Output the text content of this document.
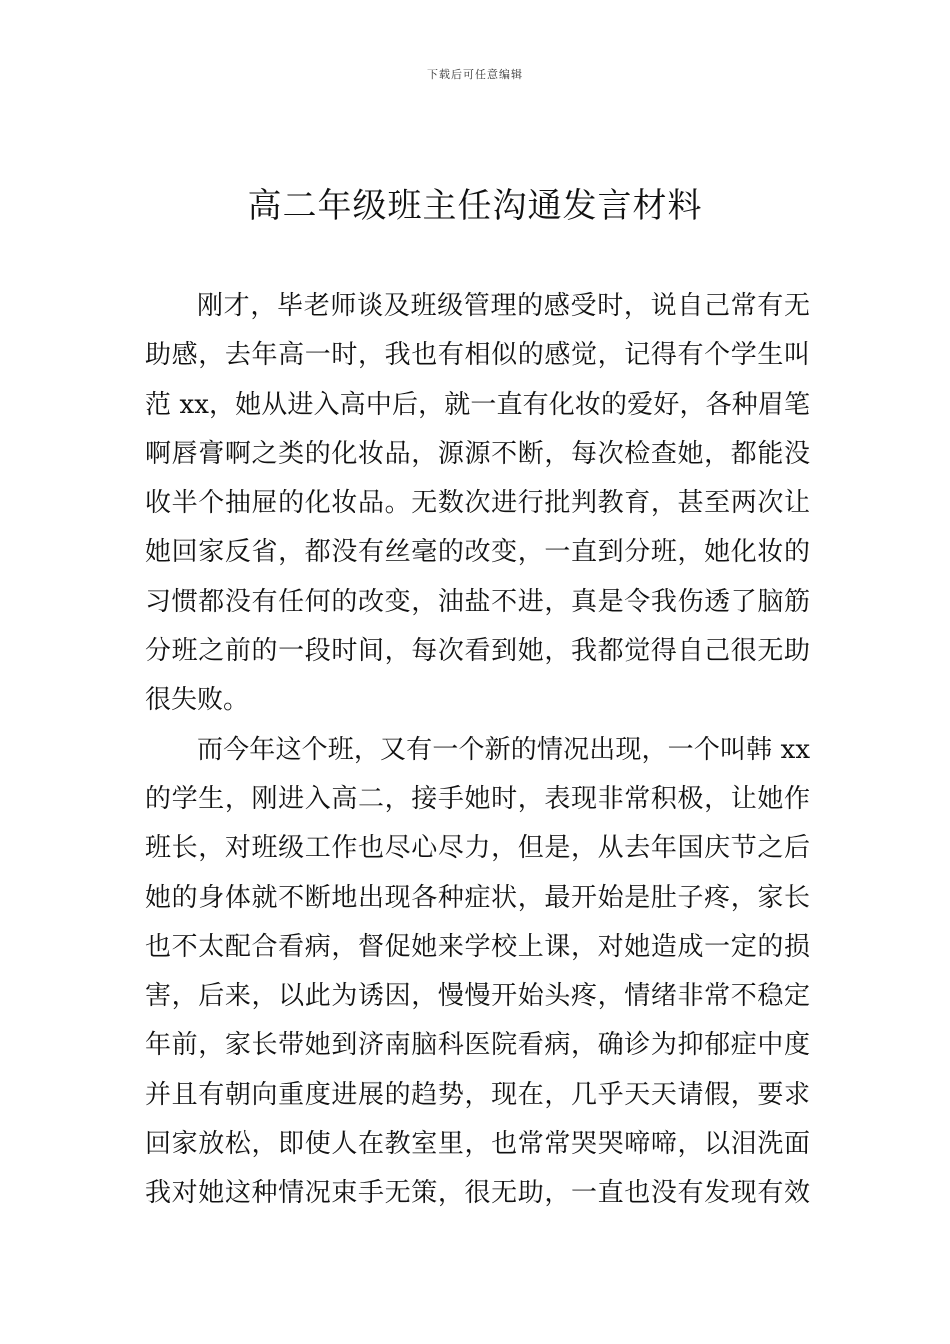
下载后可任意编辑
高二年级班主任沟通发言材料
刚才，毕老师谈及班级管理的感受时，说自己常有无
助感，去年高一时，我也有相似的感觉，记得有个学生叫
范 xx，她从进入高中后，就一直有化妆的爱好，各种眉笔
啊唇膏啊之类的化妆品，源源不断，每次检查她，都能没
收半个抽屉的化妆品。无数次进行批判教育，甚至两次让
她回家反省，都没有丝毫的改变，一直到分班，她化妆的
习惯都没有任何的改变，油盐不进，真是令我伤透了脑筋
分班之前的一段时间，每次看到她，我都觉得自己很无助
很失败。
而今年这个班，又有一个新的情况出现，一个叫韩 xx
的学生，刚进入高二，接手她时，表现非常积极，让她作
班长，对班级工作也尽心尽力，但是，从去年国庆节之后
她的身体就不断地出现各种症状，最开始是肚子疼，家长
也不太配合看病，督促她来学校上课，对她造成一定的损
害，后来，以此为诱因，慢慢开始头疼，情绪非常不稳定
年前，家长带她到济南脑科医院看病，确诊为抑郁症中度
并且有朝向重度进展的趋势，现在，几乎天天请假，要求
回家放松，即使人在教室里，也常常哭哭啼啼，以泪洗面
我对她这种情况束手无策，很无助，一直也没有发现有效
